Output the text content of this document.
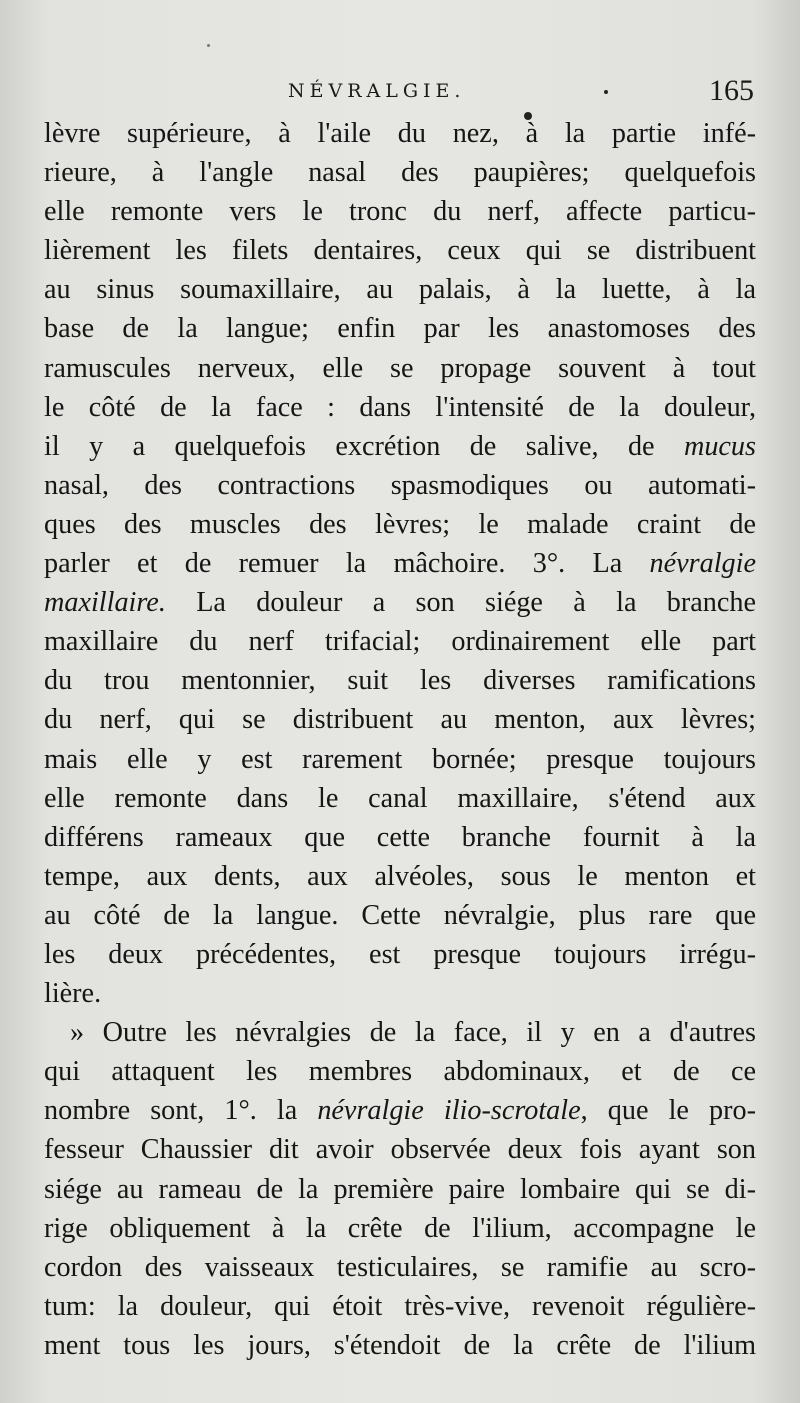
NÉVRALGIE.	165
lèvre supérieure, à l'aile du nez, à la partie infé-
rieure, à l'angle nasal des paupières; quelquefois
elle remonte vers le tronc du nerf, affecte particu-
lièrement les filets dentaires, ceux qui se distribuent
au sinus soumaxillaire, au palais, à la luette, à la
base de la langue; enfin par les anastomoses des
ramuscules nerveux, elle se propage souvent à tout
le côté de la face : dans l'intensité de la douleur,
il y a quelquefois excrétion de salive, de mucus
nasal, des contractions spasmodiques ou automati-
ques des muscles des lèvres; le malade craint de
parler et de remuer la mâchoire. 3°. La névralgie
maxillaire. La douleur a son siége à la branche
maxillaire du nerf trifacial; ordinairement elle part
du trou mentonnier, suit les diverses ramifications
du nerf, qui se distribuent au menton, aux lèvres;
mais elle y est rarement bornée; presque toujours
elle remonte dans le canal maxillaire, s'étend aux
différens rameaux que cette branche fournit à la
tempe, aux dents, aux alvéoles, sous le menton et
au côté de la langue. Cette névralgie, plus rare que
les deux précédentes, est presque toujours irrégu-
lière.
» Outre les névralgies de la face, il y en a d'autres
qui attaquent les membres abdominaux, et de ce
nombre sont, 1°. la névralgie ilio-scrotale, que le pro-
fesseur Chaussier dit avoir observée deux fois ayant son
siége au rameau de la première paire lombaire qui se di-
rige obliquement à la crête de l'ilium, accompagne le
cordon des vaisseaux testiculaires, se ramifie au scro-
tum: la douleur, qui étoit très-vive, revenoit régulière-
ment tous les jours, s'étendoit de la crête de l'ilium
